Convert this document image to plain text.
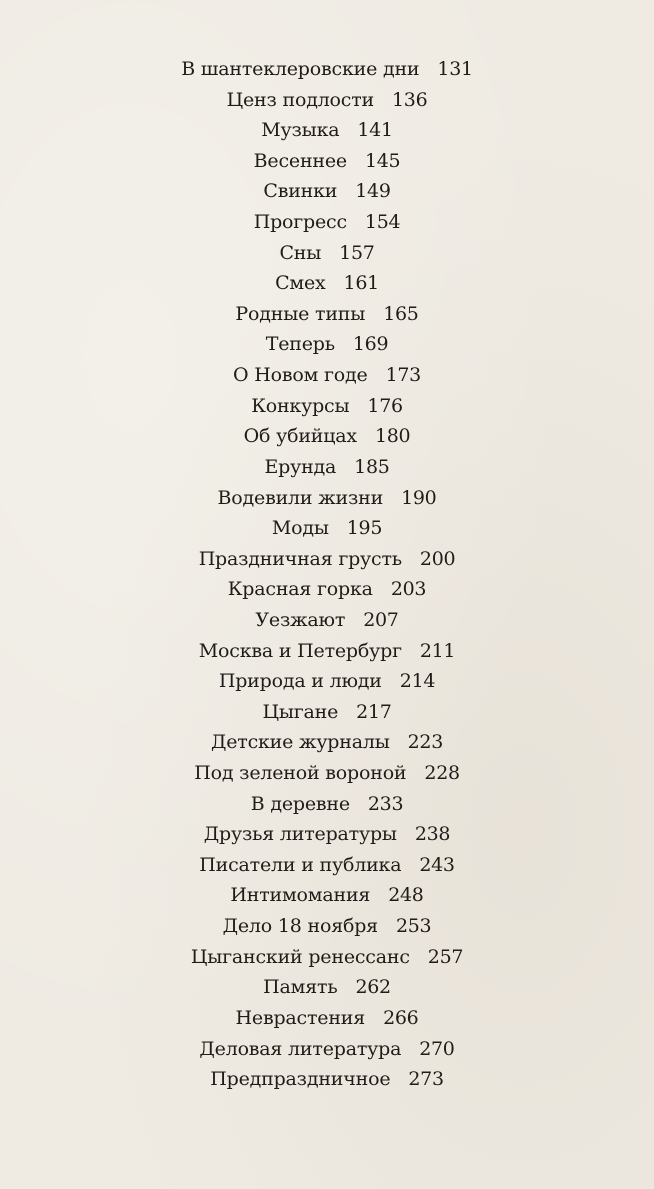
В шантеклеровские дни 131
Ценз подлости 136
Музыка 141
Весеннее 145
Свинки 149
Прогресс 154
Сны 157
Смех 161
Родные типы 165
Теперь 169
О Новом годе 173
Конкурсы 176
Об убийцах 180
Ерунда 185
Водевили жизни 190
Моды 195
Праздничная грусть 200
Красная горка 203
Уезжают 207
Москва и Петербург 211
Природа и люди 214
Цыгане 217
Детские журналы 223
Под зеленой вороной 228
В деревне 233
Друзья литературы 238
Писатели и публика 243
Интимомания 248
Дело 18 ноября 253
Цыганский ренессанс 257
Память 262
Неврастения 266
Деловая литература 270
Предпраздничное 273
